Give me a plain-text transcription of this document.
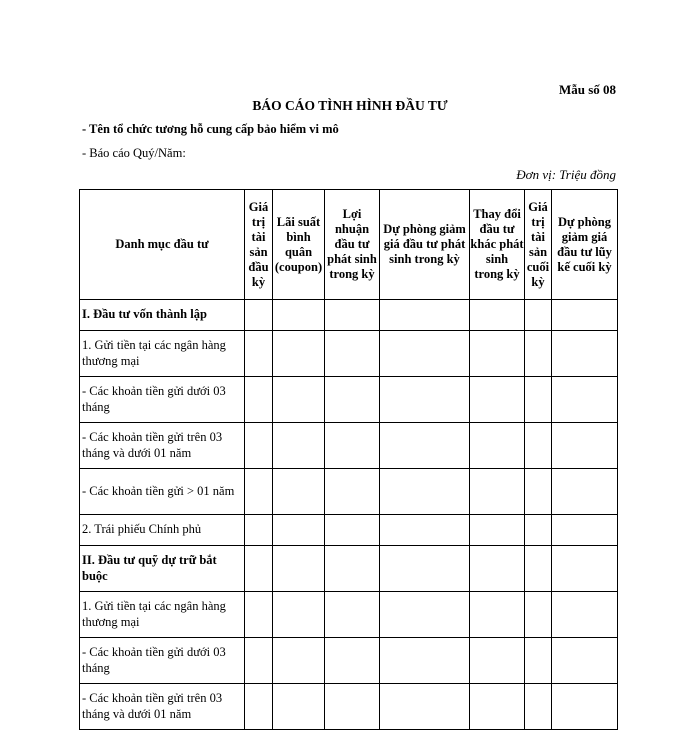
Mẫu số 08
BÁO CÁO TÌNH HÌNH ĐẦU TƯ
- Tên tổ chức tương hỗ cung cấp bảo hiểm vi mô
- Báo cáo Quý/Năm:
Đơn vị: Triệu đồng
Danh mục đầu tư	Giá trị tài sản đầu kỳ	Lãi suất bình quân (coupon)	Lợi nhuận đầu tư phát sinh trong kỳ	Dự phòng giảm giá đầu tư phát sinh trong kỳ	Thay đổi đầu tư khác phát sinh trong kỳ	Giá trị tài sản cuối kỳ	Dự phòng giảm giá đầu tư lũy kế cuối kỳ
I. Đầu tư vốn thành lập							
1. Gửi tiền tại các ngân hàng thương mại							
- Các khoản tiền gửi dưới 03 tháng							
- Các khoản tiền gửi trên 03 tháng và dưới 01 năm							
- Các khoản tiền gửi > 01 năm							
2. Trái phiếu Chính phủ							
II. Đầu tư quỹ dự trữ bắt buộc							
1. Gửi tiền tại các ngân hàng thương mại							
- Các khoản tiền gửi dưới 03 tháng							
- Các khoản tiền gửi trên 03 tháng và dưới 01 năm							
